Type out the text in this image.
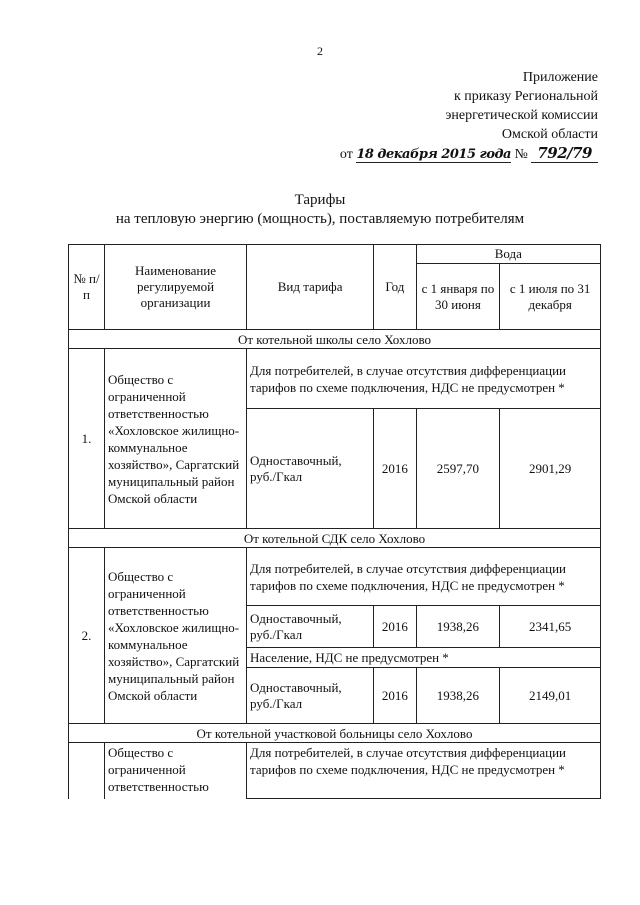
2
Приложение
к приказу Региональной
энергетической комиссии
Омской области
от 18 декабря 2015 года № 792/79
Тарифы
на тепловую энергию (мощность), поставляемую потребителям
№ п/п	Наименование регулируемой организации	Вид тарифа	Год	Вода	
				с 1 января по 30 июня	с 1 июля по 31 декабря
От котельной школы село Хохлово					
1.	Общество с ограниченной ответственностью «Хохловское жилищно-коммунальное хозяйство», Саргатский муниципальный район Омской области	Для потребителей, в случае отсутствия дифференциации тарифов по схеме подключения, НДС не предусмотрен *			
		Одноставочный, руб./Гкал	2016	2597,70	2901,29
От котельной СДК село Хохлово					
2.	Общество с ограниченной ответственностью «Хохловское жилищно-коммунальное хозяйство», Саргатский муниципальный район Омской области	Для потребителей, в случае отсутствия дифференциации тарифов по схеме подключения, НДС не предусмотрен *			
		Одноставочный, руб./Гкал	2016	1938,26	2341,65
		Население, НДС не предусмотрен *			
		Одноставочный, руб./Гкал	2016	1938,26	2149,01
От котельной участковой больницы село Хохлово					
	Общество с ограниченной ответственностью	Для потребителей, в случае отсутствия дифференциации тарифов по схеме подключения, НДС не предусмотрен *			
